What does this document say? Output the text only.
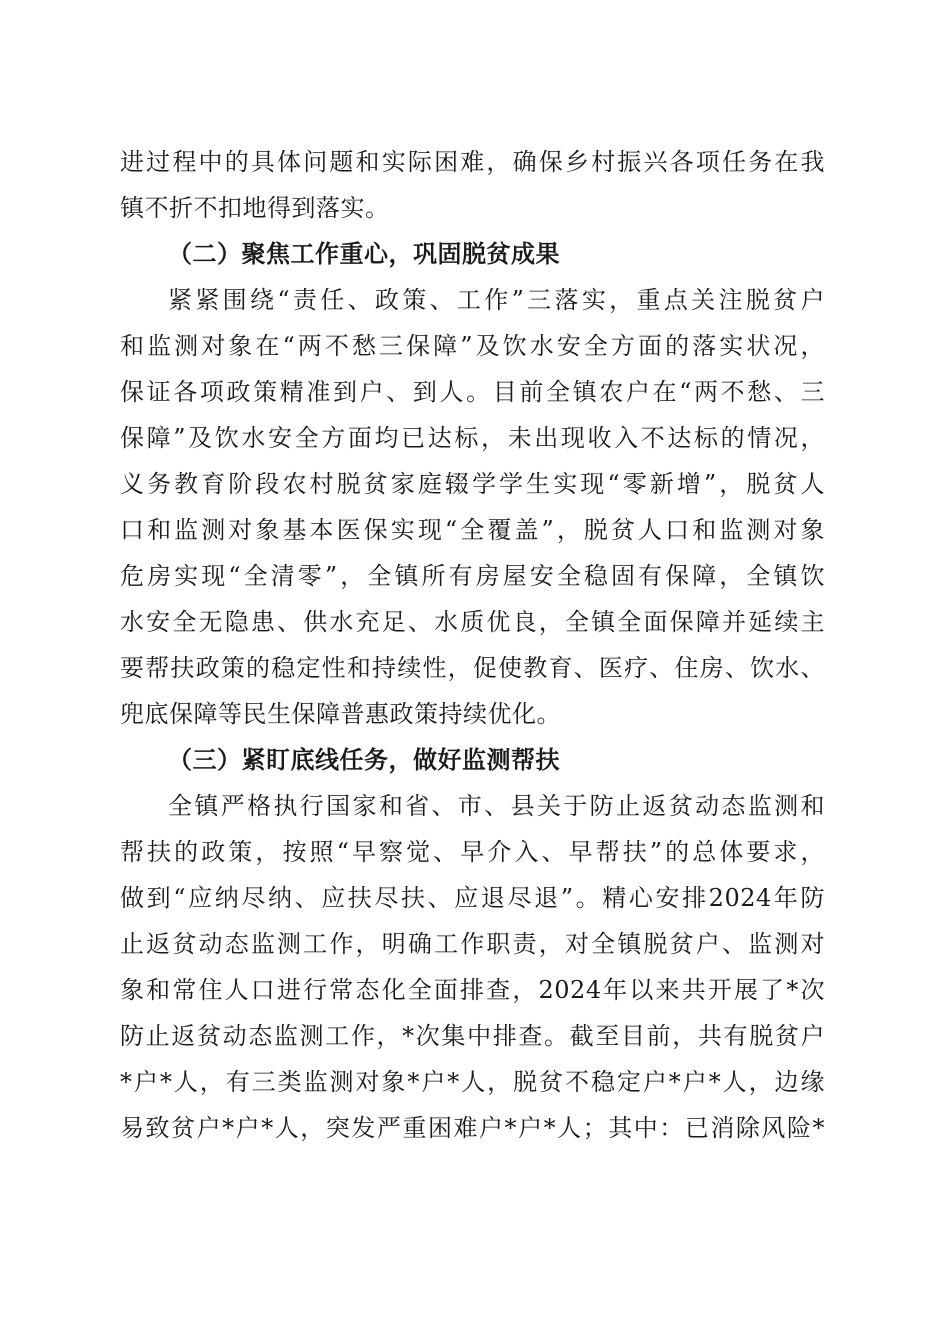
进过程中的具体问题和实际困难，确保乡村振兴各项任务在我
镇不折不扣地得到落实。
（二）聚焦工作重心，巩固脱贫成果
紧紧围绕“责任、政策、工作”三落实，重点关注脱贫户
和监测对象在“两不愁三保障”及饮水安全方面的落实状况，
保证各项政策精准到户、到人。目前全镇农户在“两不愁、三
保障”及饮水安全方面均已达标，未出现收入不达标的情况，
义务教育阶段农村脱贫家庭辍学学生实现“零新增”，脱贫人
口和监测对象基本医保实现“全覆盖”，脱贫人口和监测对象
危房实现“全清零”，全镇所有房屋安全稳固有保障，全镇饮
水安全无隐患、供水充足、水质优良，全镇全面保障并延续主
要帮扶政策的稳定性和持续性，促使教育、医疗、住房、饮水、
兜底保障等民生保障普惠政策持续优化。
（三）紧盯底线任务，做好监测帮扶
全镇严格执行国家和省、市、县关于防止返贫动态监测和
帮扶的政策，按照“早察觉、早介入、早帮扶”的总体要求，
做到“应纳尽纳、应扶尽扶、应退尽退”。精心安排2024年防
止返贫动态监测工作，明确工作职责，对全镇脱贫户、监测对
象和常住人口进行常态化全面排查，2024年以来共开展了*次
防止返贫动态监测工作，*次集中排查。截至目前，共有脱贫户
*户*人，有三类监测对象*户*人，脱贫不稳定户*户*人，边缘
易致贫户*户*人，突发严重困难户*户*人；其中：已消除风险*
